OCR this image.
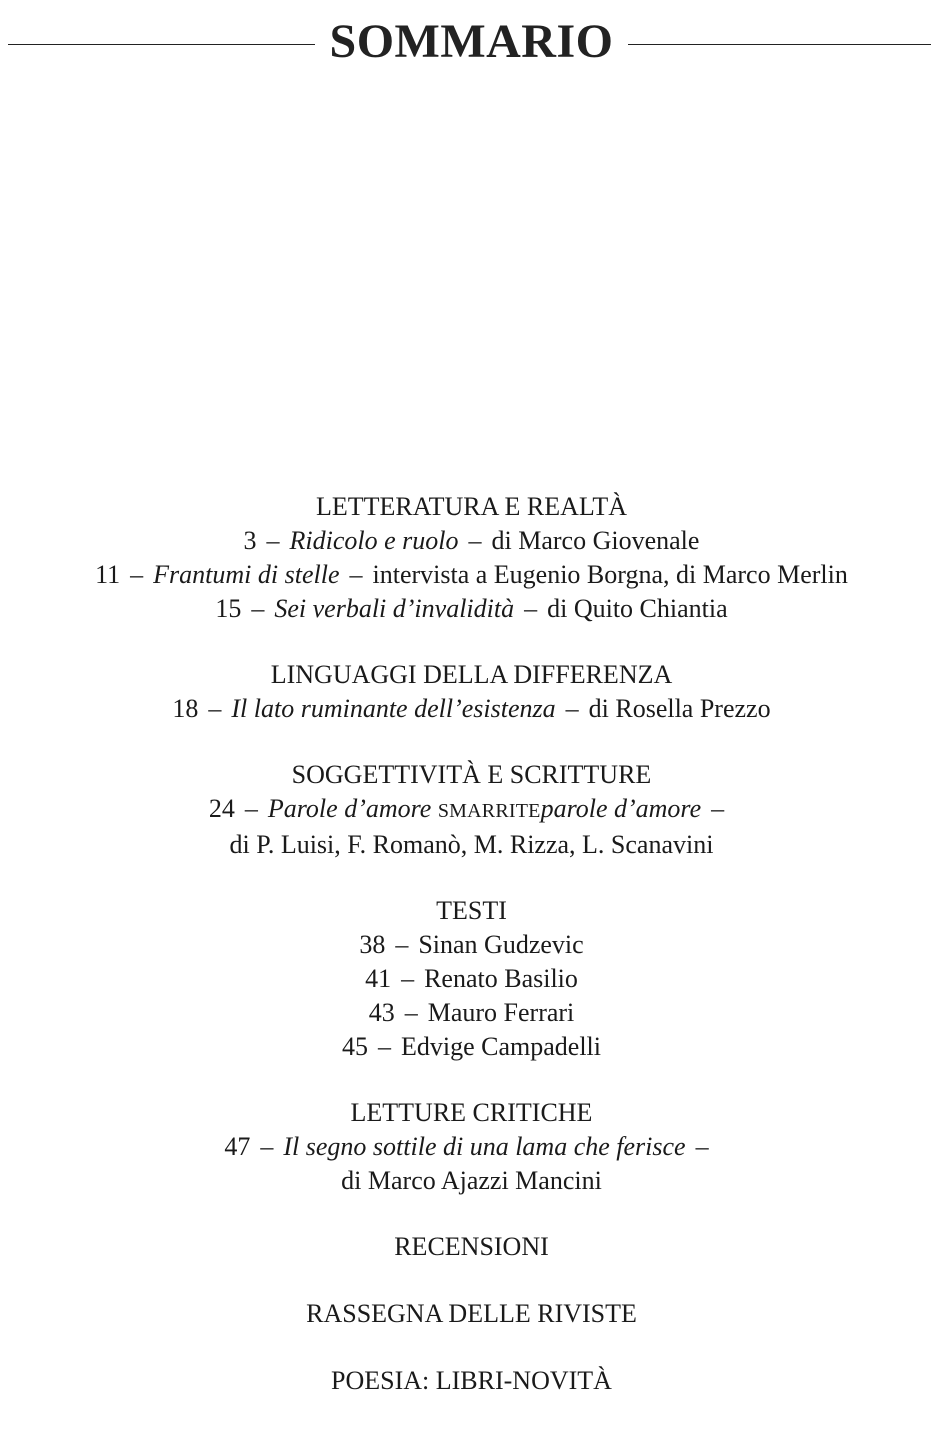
SOMMARIO
LETTERATURA E REALTÀ
3 – Ridicolo e ruolo – di Marco Giovenale
11 – Frantumi di stelle – intervista a Eugenio Borgna, di Marco Merlin
15 – Sei verbali d’invalidità – di Quito Chiantia
LINGUAGGI DELLA DIFFERENZA
18 – Il lato ruminante dell’esistenza – di Rosella Prezzo
SOGGETTIVITÀ E SCRITTURE
24 – Parole d’amore SMARRITEparole d’amore –
di P. Luisi, F. Romanò, M. Rizza, L. Scanavini
TESTI
38 – Sinan Gudzevic
41 – Renato Basilio
43 – Mauro Ferrari
45 – Edvige Campadelli
LETTURE CRITICHE
47 – Il segno sottile di una lama che ferisce –
di Marco Ajazzi Mancini
RECENSIONI
RASSEGNA DELLE RIVISTE
POESIA: LIBRI-NOVITÀ
